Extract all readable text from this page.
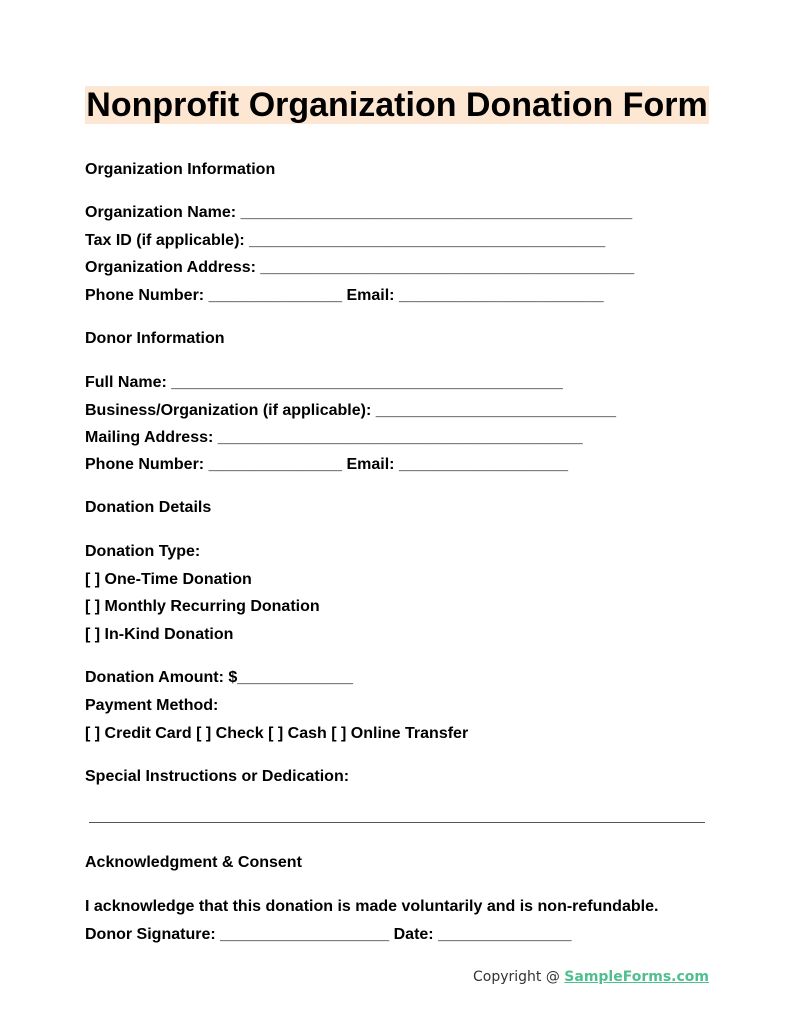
Nonprofit Organization Donation Form
Organization Information
Organization Name: ____________________________________________
Tax ID (if applicable): ________________________________________
Organization Address: __________________________________________
Phone Number: _______________ Email: _______________________
Donor Information
Full Name: ____________________________________________
Business/Organization (if applicable): ___________________________
Mailing Address: _________________________________________
Phone Number: _______________ Email: ___________________
Donation Details
Donation Type:
[ ] One-Time Donation
[ ] Monthly Recurring Donation
[ ] In-Kind Donation
Donation Amount: $_____________
Payment Method:
[ ] Credit Card [ ] Check [ ] Cash [ ] Online Transfer
Special Instructions or Dedication:
Acknowledgment & Consent
I acknowledge that this donation is made voluntarily and is non-refundable.
Donor Signature: ___________________ Date: _______________
Copyright @ SampleForms.com
